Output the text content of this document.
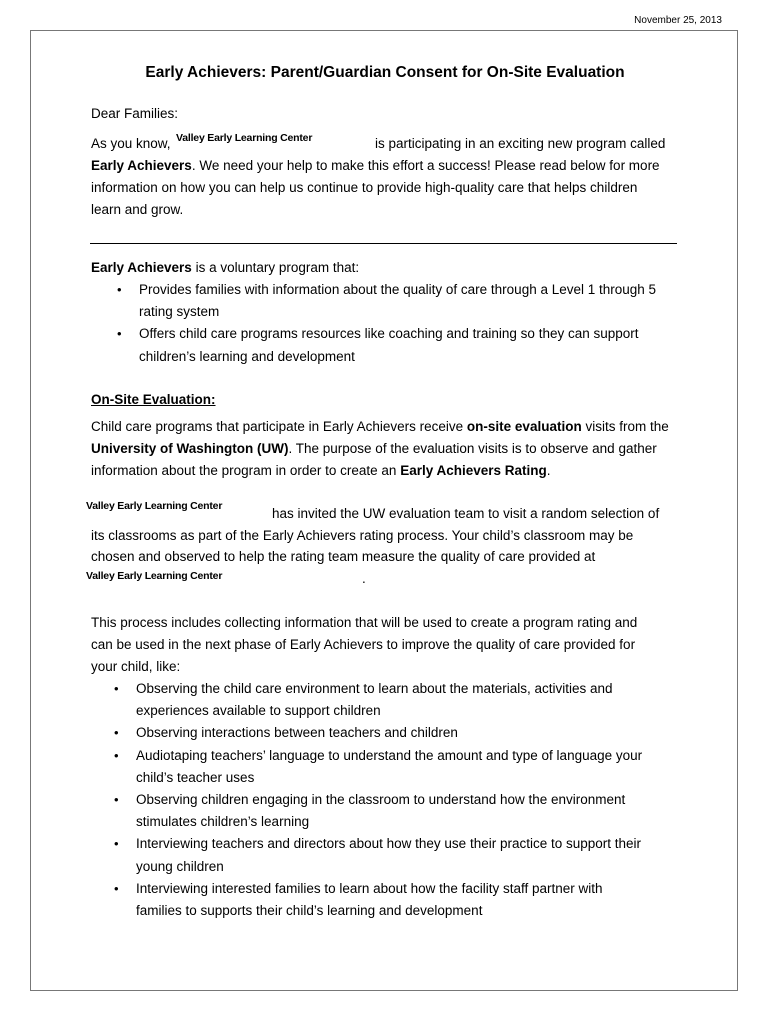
November 25, 2013
Early Achievers: Parent/Guardian Consent for On-Site Evaluation
Dear Families:
As you know, Valley Early Learning Center	is participating in an exciting new program called
Early Achievers. We need your help to make this effort a success! Please read below for more
information on how you can help us continue to provide high-quality care that helps children
learn and grow.
Early Achievers is a voluntary program that:
• Provides families with information about the quality of care through a Level 1 through 5
rating system
• Offers child care programs resources like coaching and training so they can support
children’s learning and development
On-Site Evaluation:
Child care programs that participate in Early Achievers receive on-site evaluation visits from the
University of Washington (UW). The purpose of the evaluation visits is to observe and gather
information about the program in order to create an Early Achievers Rating.
Valley Early Learning Center	has invited the UW evaluation team to visit a random selection of
its classrooms as part of the Early Achievers rating process. Your child’s classroom may be
chosen and observed to help the rating team measure the quality of care provided at
Valley Early Learning Center	.
This process includes collecting information that will be used to create a program rating and
can be used in the next phase of Early Achievers to improve the quality of care provided for
your child, like:
• Observing the child care environment to learn about the materials, activities and
experiences available to support children
• Observing interactions between teachers and children
• Audiotaping teachers’ language to understand the amount and type of language your
child’s teacher uses
• Observing children engaging in the classroom to understand how the environment
stimulates children’s learning
• Interviewing teachers and directors about how they use their practice to support their
young children
• Interviewing interested families to learn about how the facility staff partner with
families to supports their child’s learning and development
